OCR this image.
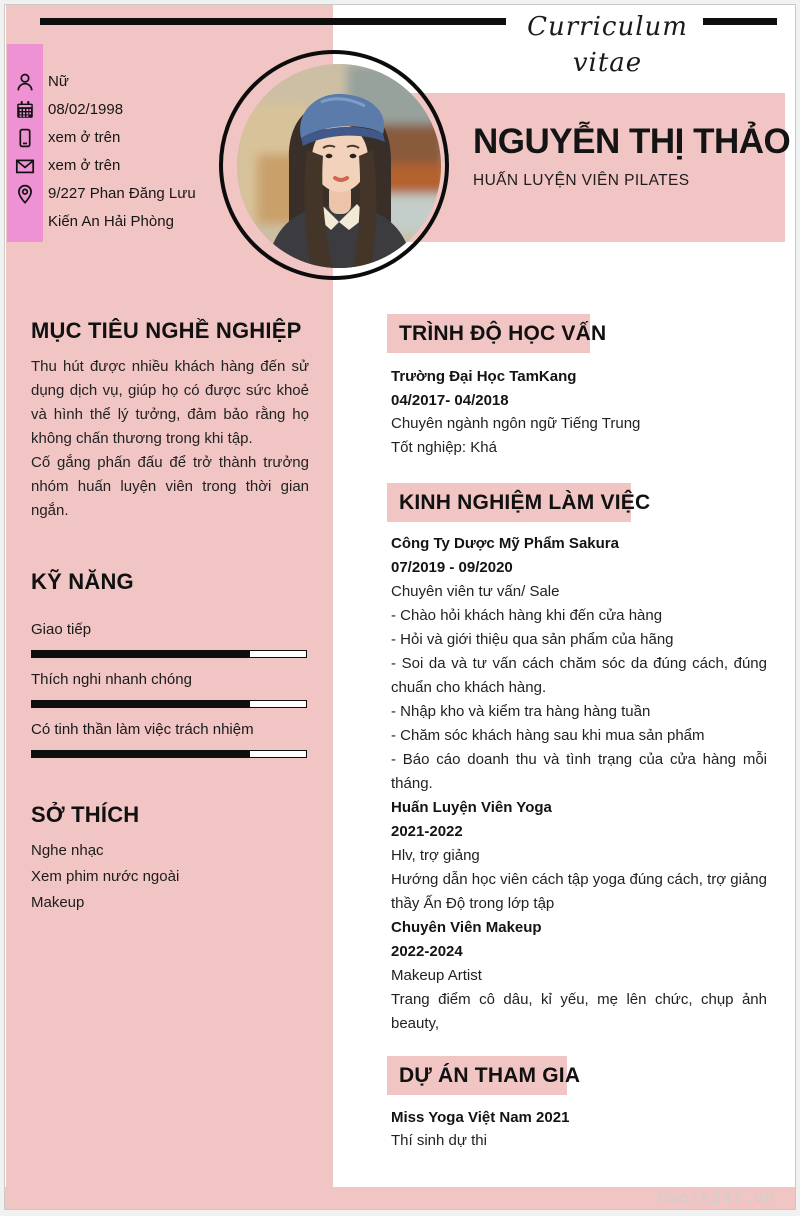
Curriculum vitae
Nữ
08/02/1998
xem ở trên
xem ở trên
9/227 Phan Đăng Lưu
Kiến An Hải Phòng
NGUYỄN THỊ THẢO
HUẤN LUYỆN VIÊN PILATES
MỤC TIÊU NGHỀ NGHIỆP

Thu hút được nhiều khách hàng đến sử dụng dịch vụ, giúp họ có được sức khoẻ và hình thể lý tưởng, đảm bảo rằng họ không chấn thương trong khi tập.

Cố gắng phấn đấu để trở thành trưởng nhóm huấn luyện viên trong thời gian ngắn.

KỸ NĂNG
Giao tiếp
Thích nghi nhanh chóng
Có tinh thần làm việc trách nhiệm
SỞ THÍCH
Nghe nhạc
Xem phim nước ngoài
Makeup
TRÌNH ĐỘ HỌC VẤN

Trường Đại Học TamKang

04/2017- 04/2018

Chuyên ngành ngôn ngữ Tiếng Trung

Tốt nghiệp: Khá

KINH NGHIỆM LÀM VIỆC

Công Ty Dược Mỹ Phẩm Sakura

07/2019 - 09/2020

Chuyên viên tư vấn/ Sale

- Chào hỏi khách hàng khi đến cửa hàng

- Hỏi và giới thiệu qua sản phẩm của hãng

- Soi da và tư vấn cách chăm sóc da đúng cách, đúng chuẩn cho khách hàng.

- Nhập kho và kiểm tra hàng hàng tuần

- Chăm sóc khách hàng sau khi mua sản phẩm

- Báo cáo doanh thu và tình trạng của cửa hàng mỗi tháng.

Huấn Luyện Viên Yoga

2021-2022

Hlv, trợ giảng

Hướng dẫn học viên cách tập yoga đúng cách, trợ giảng thầy Ấn Độ trong lớp tập

Chuyên Viên Makeup

2022-2024

Makeup Artist

Trang điểm cô dâu, kỉ yếu, mẹ lên chức, chụp ảnh beauty,

DỰ ÁN THAM GIA

Miss Yoga Việt Nam 2021

Thí sinh dự thi

©work247.vn
